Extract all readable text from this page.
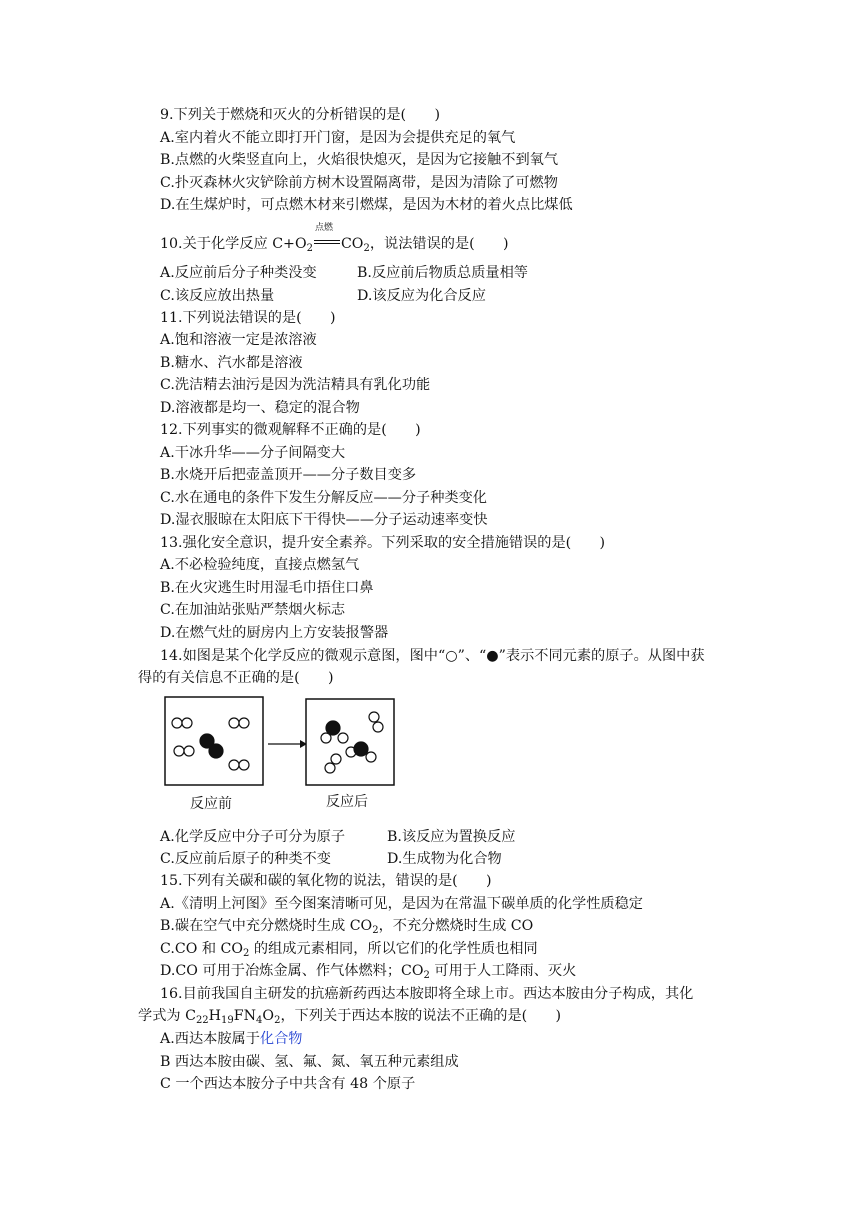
9.下列关于燃烧和灭火的分析错误的是(　　)
A.室内着火不能立即打开门窗，是因为会提供充足的氧气
B.点燃的火柴竖直向上，火焰很快熄灭，是因为它接触不到氧气
C.扑灭森林火灾铲除前方树木设置隔离带，是因为清除了可燃物
D.在生煤炉时，可点燃木材来引燃煤，是因为木材的着火点比煤低
10.关于化学反应 $C+O_2$
点燃
$CO_2$，说法错误的是(　　)
A.反应前后分子种类没变	B.反应前后物质总质量相等
C.该反应放出热量	D.该反应为化合反应
11.下列说法错误的是(　　)
A.饱和溶液一定是浓溶液
B.糖水、汽水都是溶液
C.洗洁精去油污是因为洗洁精具有乳化功能
D.溶液都是均一、稳定的混合物
12.下列事实的微观解释不正确的是(　　)
A.干冰升华——分子间隔变大
B.水烧开后把壶盖顶开——分子数目变多
C.水在通电的条件下发生分解反应——分子种类变化
D.湿衣服晾在太阳底下干得快——分子运动速率变快
13.强化安全意识，提升安全素养。下列采取的安全措施错误的是(　　)
A.不必检验纯度，直接点燃氢气
B.在火灾逃生时用湿毛巾捂住口鼻
C.在加油站张贴严禁烟火标志
D.在燃气灶的厨房内上方安装报警器
14.如图是某个化学反应的微观示意图，图中“○”、“●”表示不同元素的原子。从图中获
得的有关信息不正确的是(　　)
反应前	反应后
A.化学反应中分子可分为原子	B.该反应为置换反应
C.反应前后原子的种类不变	D.生成物为化合物
15.下列有关碳和碳的氧化物的说法，错误的是(　　)
A.《清明上河图》至今图案清晰可见，是因为在常温下碳单质的化学性质稳定
B.碳在空气中充分燃烧时生成 $CO_2$，不充分燃烧时生成 CO
C.CO 和 $CO_2$ 的组成元素相同，所以它们的化学性质也相同
D.CO 可用于冶炼金属、作气体燃料；$CO_2$ 可用于人工降雨、灭火
16.目前我国自主研发的抗癌新药西达本胺即将全球上市。西达本胺由分子构成，其化
学式为 $C_{22}H_{19}FN_4O_2$，下列关于西达本胺的说法不正确的是(　　)
A.西达本胺属于化合物
B 西达本胺由碳、氢、氟、氮、氧五种元素组成
C 一个西达本胺分子中共含有 48 个原子
